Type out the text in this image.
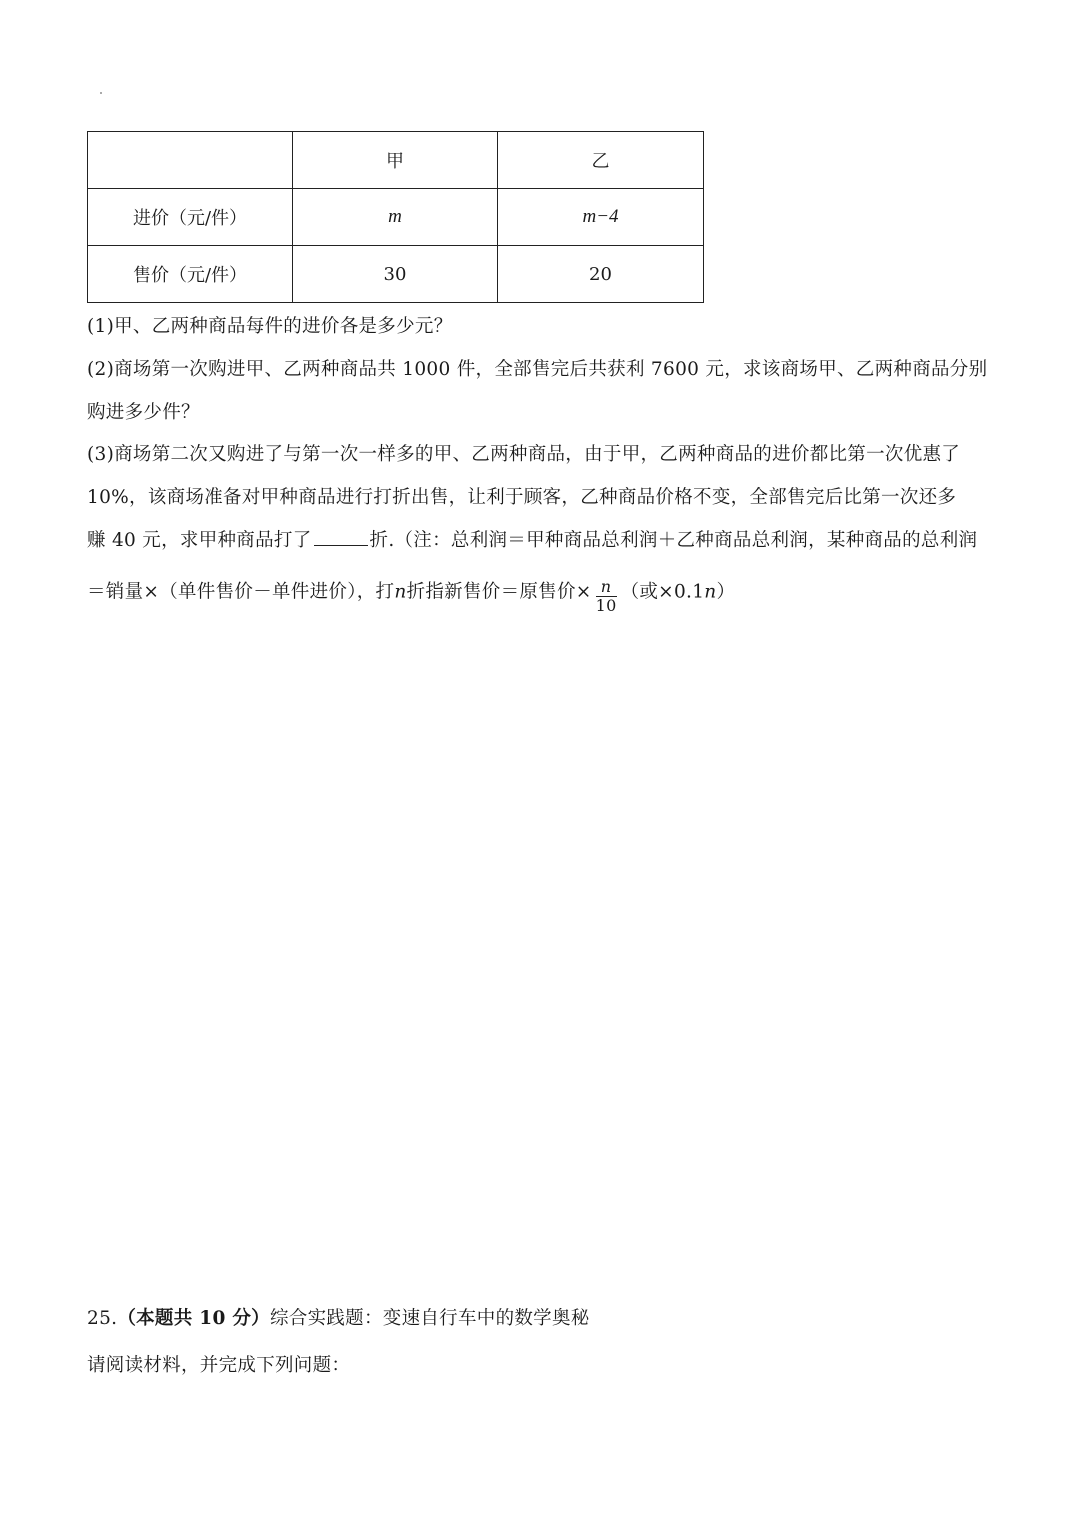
	甲	乙
进价（元/件）	m	m−4
售价（元/件）	30	20
(1)甲、乙两种商品每件的进价各是多少元？
(2)商场第一次购进甲、乙两种商品共 1000 件，全部售完后共获利 7600 元，求该商场甲、乙两种商品分别
购进多少件？
(3)商场第二次又购进了与第一次一样多的甲、乙两种商品，由于甲，乙两种商品的进价都比第一次优惠了
10%，该商场准备对甲种商品进行打折出售，让利于顾客，乙种商品价格不变，全部售完后比第一次还多
赚 40 元，求甲种商品打了	折.（注：总利润＝甲种商品总利润＋乙种商品总利润，某种商品的总利润
＝销量×（单件售价－单件进价），打n折指新售价＝原售价× $\frac{n}{10}$ （或×0.1n）
25.（本题共 10 分）综合实践题：变速自行车中的数学奥秘
请阅读材料，并完成下列问题：
